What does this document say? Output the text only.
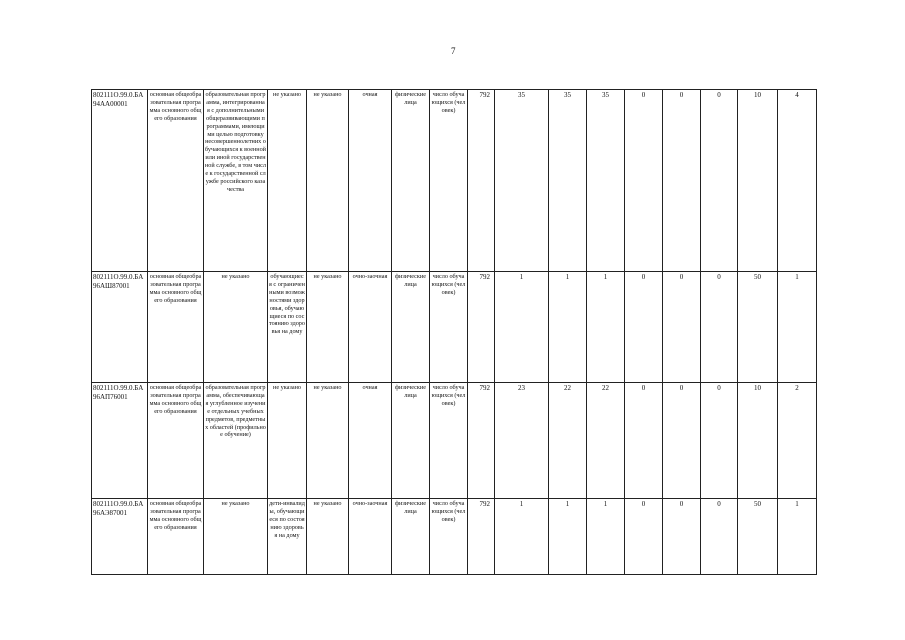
7
802111О.99.0.БА 94АА00001	основная общеобразовательная программа основного общего образования	образовательная программа, интегрированная с дополнительными общеразвивающими программами, имеющими целью подготовку несовершеннолетних обучающихся к военной или иной государственной службе, в том числе к государственной службе российского казачества	не указано	не указано	очная	физические лица	число обучающихся (человек)	792	35	35	35	0	0	0	10	4
802111О.99.0.БА 96АШ87001	основная общеобразовательная программа основного общего образования	не указано	обучающиеся с ограниченными возможностями здоровья, обучающиеся по состоянию здоровья на дому	не указано	очно-заочная	физические лица	число обучающихся (человек)	792	1	1	1	0	0	0	50	1
802111О.99.0.БА 96АП76001	основная общеобразовательная программа основного общего образования	образовательная программа, обеспечивающая углубленное изучение отдельных учебных предметов, предметных областей (профильное обучение)	не указано	не указано	очная	физические лица	число обучающихся (человек)	792	23	22	22	0	0	0	10	2
802111О.99.0.БА 96АЭ87001	основная общеобразовательная программа основного общего образования	не указано	дети-инвалиды, обучающиеся по состоянию здоровья на дому	не указано	очно-заочная	физические лица	число обучающихся (человек)	792	1	1	1	0	0	0	50	1
